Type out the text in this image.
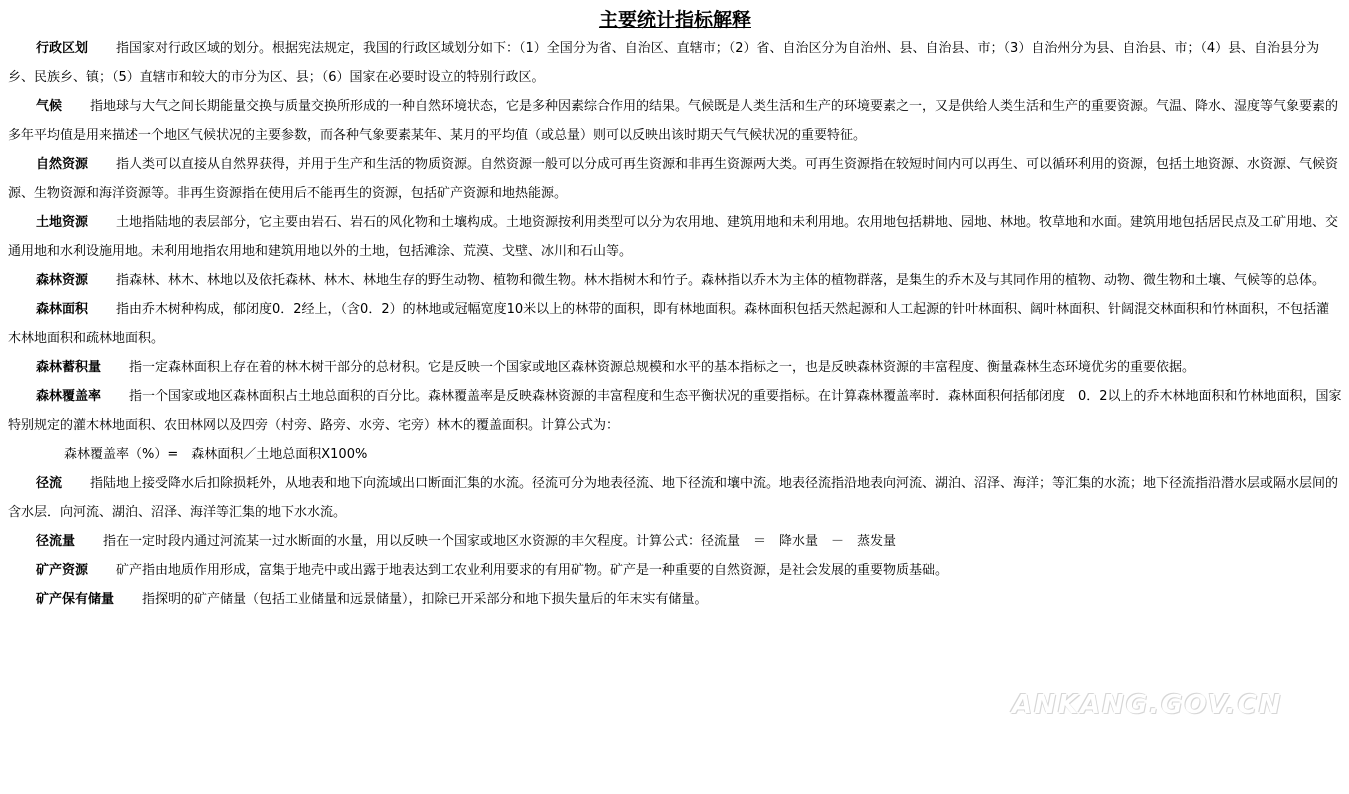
主要统计指标解释

行政区划 指国家对行政区域的划分。根据宪法规定，我国的行政区域划分如下：（1）全国分为省、自治区、直辖市；（2）省、自治区分为自治州、县、自治县、市；（3）自治州分为县、自治县、市；（4）县、自治县分为乡、民族乡、镇；（5）直辖市和较大的市分为区、县；（6）国家在必要时设立的特别行政区。

气候 指地球与大气之间长期能量交换与质量交换所形成的一种自然环境状态，它是多种因素综合作用的结果。气候既是人类生活和生产的环境要素之一，又是供给人类生活和生产的重要资源。气温、降水、湿度等气象要素的多年平均值是用来描述一个地区气候状况的主要参数，而各种气象要素某年、某月的平均值（或总量）则可以反映出该时期天气气候状况的重要特征。

自然资源 指人类可以直接从自然界获得，并用于生产和生活的物质资源。自然资源一般可以分成可再生资源和非再生资源两大类。可再生资源指在较短时间内可以再生、可以循环利用的资源，包括土地资源、水资源、气候资源、生物资源和海洋资源等。非再生资源指在使用后不能再生的资源，包括矿产资源和地热能源。

土地资源 土地指陆地的表层部分，它主要由岩石、岩石的风化物和土壤构成。土地资源按利用类型可以分为农用地、建筑用地和未利用地。农用地包括耕地、园地、林地。牧草地和水面。建筑用地包括居民点及工矿用地、交通用地和水利设施用地。未利用地指农用地和建筑用地以外的土地，包括滩涂、荒漠、戈壁、冰川和石山等。

森林资源 指森林、林木、林地以及依托森林、林木、林地生存的野生动物、植物和微生物。林木指树木和竹子。森林指以乔木为主体的植物群落，是集生的乔木及与其同作用的植物、动物、微生物和土壤、气候等的总体。

森林面积 指由乔木树种构成，郁闭度0．2经上，（含0．2）的林地或冠幅宽度10米以上的林带的面积，即有林地面积。森林面积包括天然起源和人工起源的针叶林面积、阔叶林面积、针阔混交林面积和竹林面积，不包括灌木林地面积和疏林地面积。

森林蓄积量 指一定森林面积上存在着的林木树干部分的总材积。它是反映一个国家或地区森林资源总规模和水平的基本指标之一，也是反映森林资源的丰富程度、衡量森林生态环境优劣的重要依据。

森林覆盖率 指一个国家或地区森林面积占土地总面积的百分比。森林覆盖率是反映森林资源的丰富程度和生态平衡状况的重要指标。在计算森林覆盖率时．森林面积何括郁闭度　0．2以上的乔木林地面积和竹林地面积，国家特别规定的灌木林地面积、农田林网以及四旁（村旁、路旁、水旁、宅旁）林木的覆盖面积。计算公式为：

森林覆盖率（%）=　森林面积／土地总面积X100%

径流 指陆地上接受降水后扣除损耗外，从地表和地下向流域出口断面汇集的水流。径流可分为地表径流、地下径流和壤中流。地表径流指沿地表向河流、湖泊、沼泽、海洋；等汇集的水流；地下径流指沿潜水层或隔水层间的含水层．向河流、湖泊、沼泽、海洋等汇集的地下水水流。

径流量 指在一定时段内通过河流某一过水断面的水量，用以反映一个国家或地区水资源的丰欠程度。计算公式：径流量　＝　降水量　－　蒸发量

矿产资源 矿产指由地质作用形成，富集于地壳中或出露于地表达到工农业利用要求的有用矿物。矿产是一种重要的自然资源，是社会发展的重要物质基础。

矿产保有储量 指探明的矿产储量（包括工业储量和远景储量），扣除已开采部分和地下损失量后的年末实有储量。

ANKANG.GOV.CN
